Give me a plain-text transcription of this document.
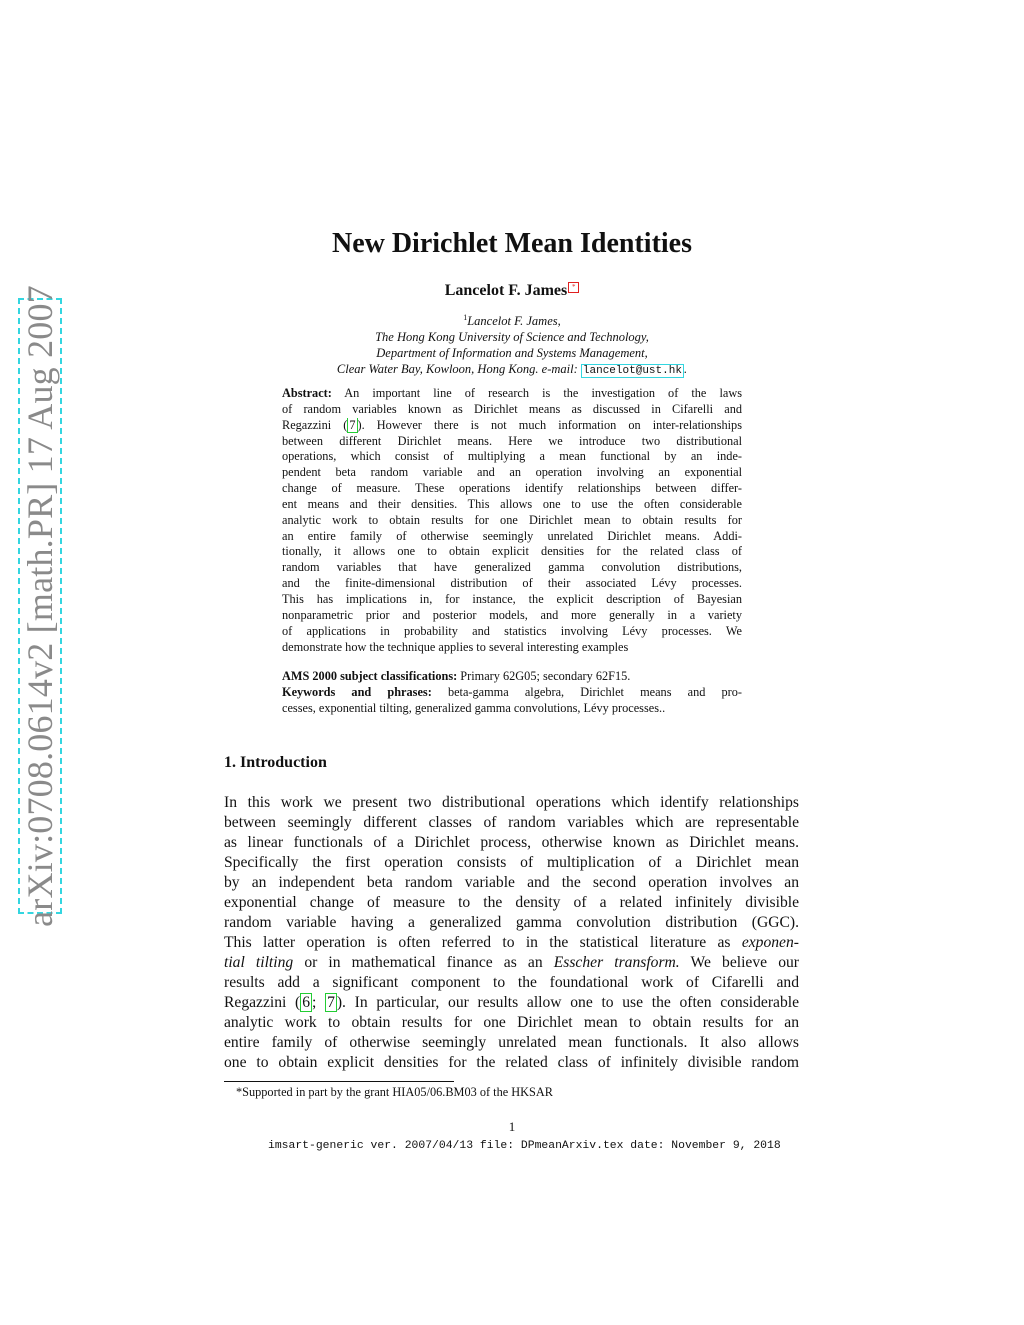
arXiv:0708.0614v2 [math.PR] 17 Aug 2007
New Dirichlet Mean Identities
Lancelot F. James *
$^1$Lancelot F. James,
The Hong Kong University of Science and Technology,
Department of Information and Systems Management,
Clear Water Bay, Kowloon, Hong Kong. e-mail: lancelot@ust.hk .
Abstract: An important line of research is the investigation of the laws
of random variables known as Dirichlet means as discussed in Cifarelli and
Regazzini ( 7 ). However there is not much information on inter-relationships
between different Dirichlet means. Here we introduce two distributional
operations, which consist of multiplying a mean functional by an inde-
pendent beta random variable and an operation involving an exponential
change of measure. These operations identify relationships between differ-
ent means and their densities. This allows one to use the often considerable
analytic work to obtain results for one Dirichlet mean to obtain results for
an entire family of otherwise seemingly unrelated Dirichlet means. Addi-
tionally, it allows one to obtain explicit densities for the related class of
random variables that have generalized gamma convolution distributions,
and the finite-dimensional distribution of their associated Lévy processes.
This has implications in, for instance, the explicit description of Bayesian
nonparametric prior and posterior models, and more generally in a variety
of applications in probability and statistics involving Lévy processes. We
demonstrate how the technique applies to several interesting examples
AMS 2000 subject classifications: Primary 62G05; secondary 62F15.
Keywords and phrases: beta-gamma algebra, Dirichlet means and pro-
cesses, exponential tilting, generalized gamma convolutions, Lévy processes..
1. Introduction
In this work we present two distributional operations which identify relationships
between seemingly different classes of random variables which are representable
as linear functionals of a Dirichlet process, otherwise known as Dirichlet means.
Specifically the first operation consists of multiplication of a Dirichlet mean
by an independent beta random variable and the second operation involves an
exponential change of measure to the density of a related infinitely divisible
random variable having a generalized gamma convolution distribution (GGC).
This latter operation is often referred to in the statistical literature as exponen-
tial tilting or in mathematical finance as an Esscher transform. We believe our
results add a significant component to the foundational work of Cifarelli and
Regazzini ( 6 ; 7 ). In particular, our results allow one to use the often considerable
analytic work to obtain results for one Dirichlet mean to obtain results for an
entire family of otherwise seemingly unrelated mean functionals. It also allows
one to obtain explicit densities for the related class of infinitely divisible random
*Supported in part by the grant HIA05/06.BM03 of the HKSAR
1
imsart-generic ver. 2007/04/13 file: DPmeanArxiv.tex date: November 9, 2018
